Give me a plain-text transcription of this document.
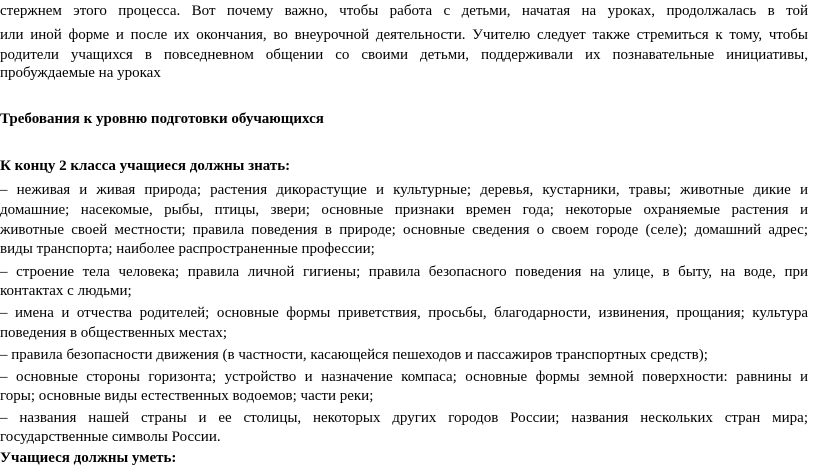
стержнем этого процесса. Вот почему важно, чтобы работа с детьми, начатая на уроках, продолжалась в той
или иной форме и после их окончания, во внеурочной деятельности. Учителю следует также стремиться к тому, чтобы
родители учащихся в повседневном общении со своими детьми, поддерживали их познавательные инициативы,
пробуждаемые на уроках
Требования к уровню подготовки обучающихся
К концу 2 класса учащиеся должны знать:
– неживая и живая природа; растения дикорастущие и культурные; деревья, кустарники, травы; животные дикие и
домашние; насекомые, рыбы, птицы, звери; основные признаки времен года; некоторые охраняемые растения и
животные своей местности; правила поведения в природе; основные сведения о своем городе (селе); домашний адрес;
виды транспорта; наиболее распространенные профессии;
– строение тела человека; правила личной гигиены; правила безопасного поведения на улице, в быту, на воде, при
контактах с людьми;
– имена и отчества родителей; основные формы приветствия, просьбы, благодарности, извинения, прощания; культура
поведения в общественных местах;
– правила безопасности движения (в частности, касающейся пешеходов и пассажиров транспортных средств);
– основные стороны горизонта; устройство и назначение компаса; основные формы земной поверхности: равнины и
горы; основные виды естественных водоемов; части реки;
– названия нашей страны и ее столицы, некоторых других городов России; названия нескольких стран мира;
государственные символы России.
Учащиеся должны уметь:
